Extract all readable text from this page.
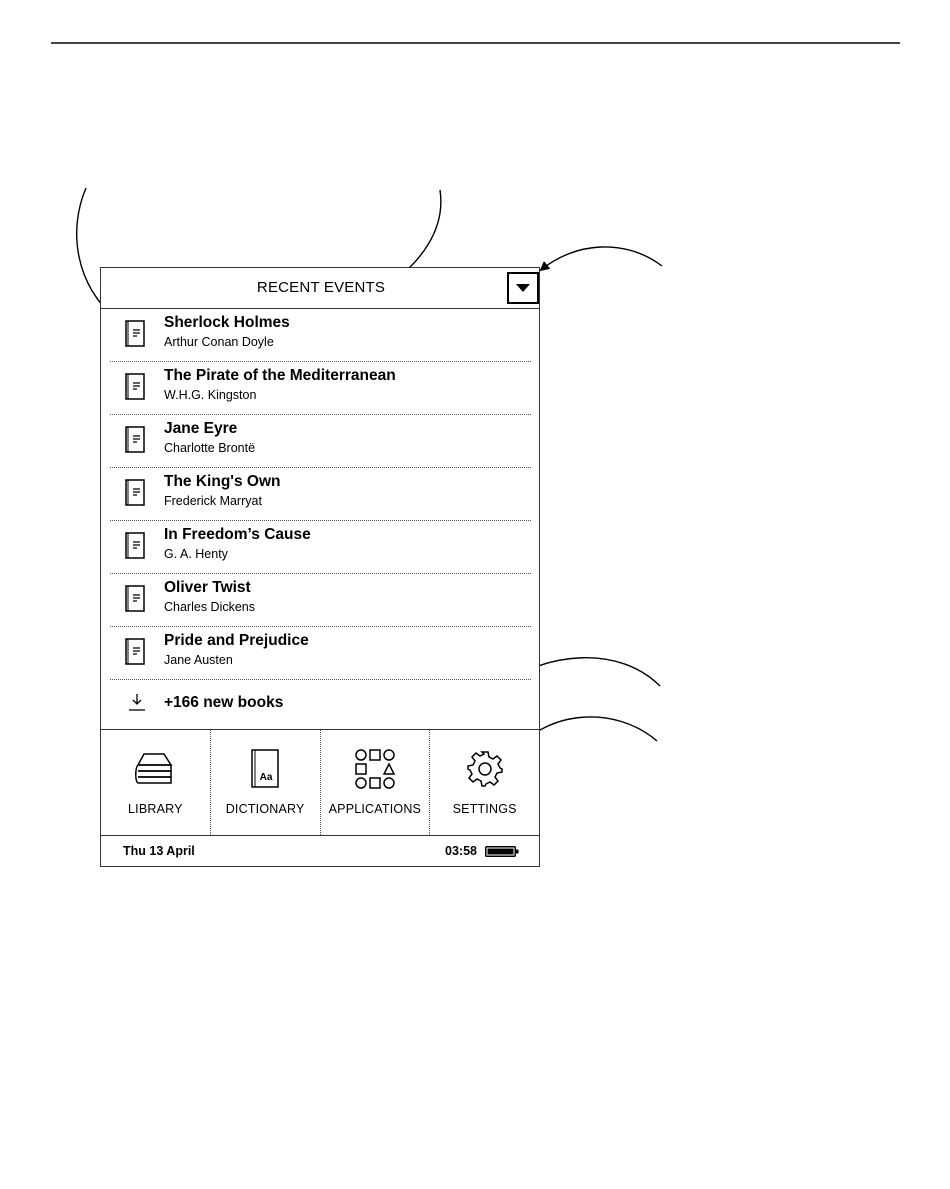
RECENT EVENTS
Sherlock Holmes
Arthur Conan Doyle
The Pirate of the Mediterranean
W.H.G. Kingston
Jane Eyre
Charlotte Brontë
The King's Own
Frederick Marryat
In Freedom’s Cause
G. A. Henty
Oliver Twist
Charles Dickens
Pride and Prejudice
Jane Austen
+166 new books
LIBRARY
Aa
DICTIONARY	APPLICATIONS	SETTINGS
Thu 13 April	03:58
